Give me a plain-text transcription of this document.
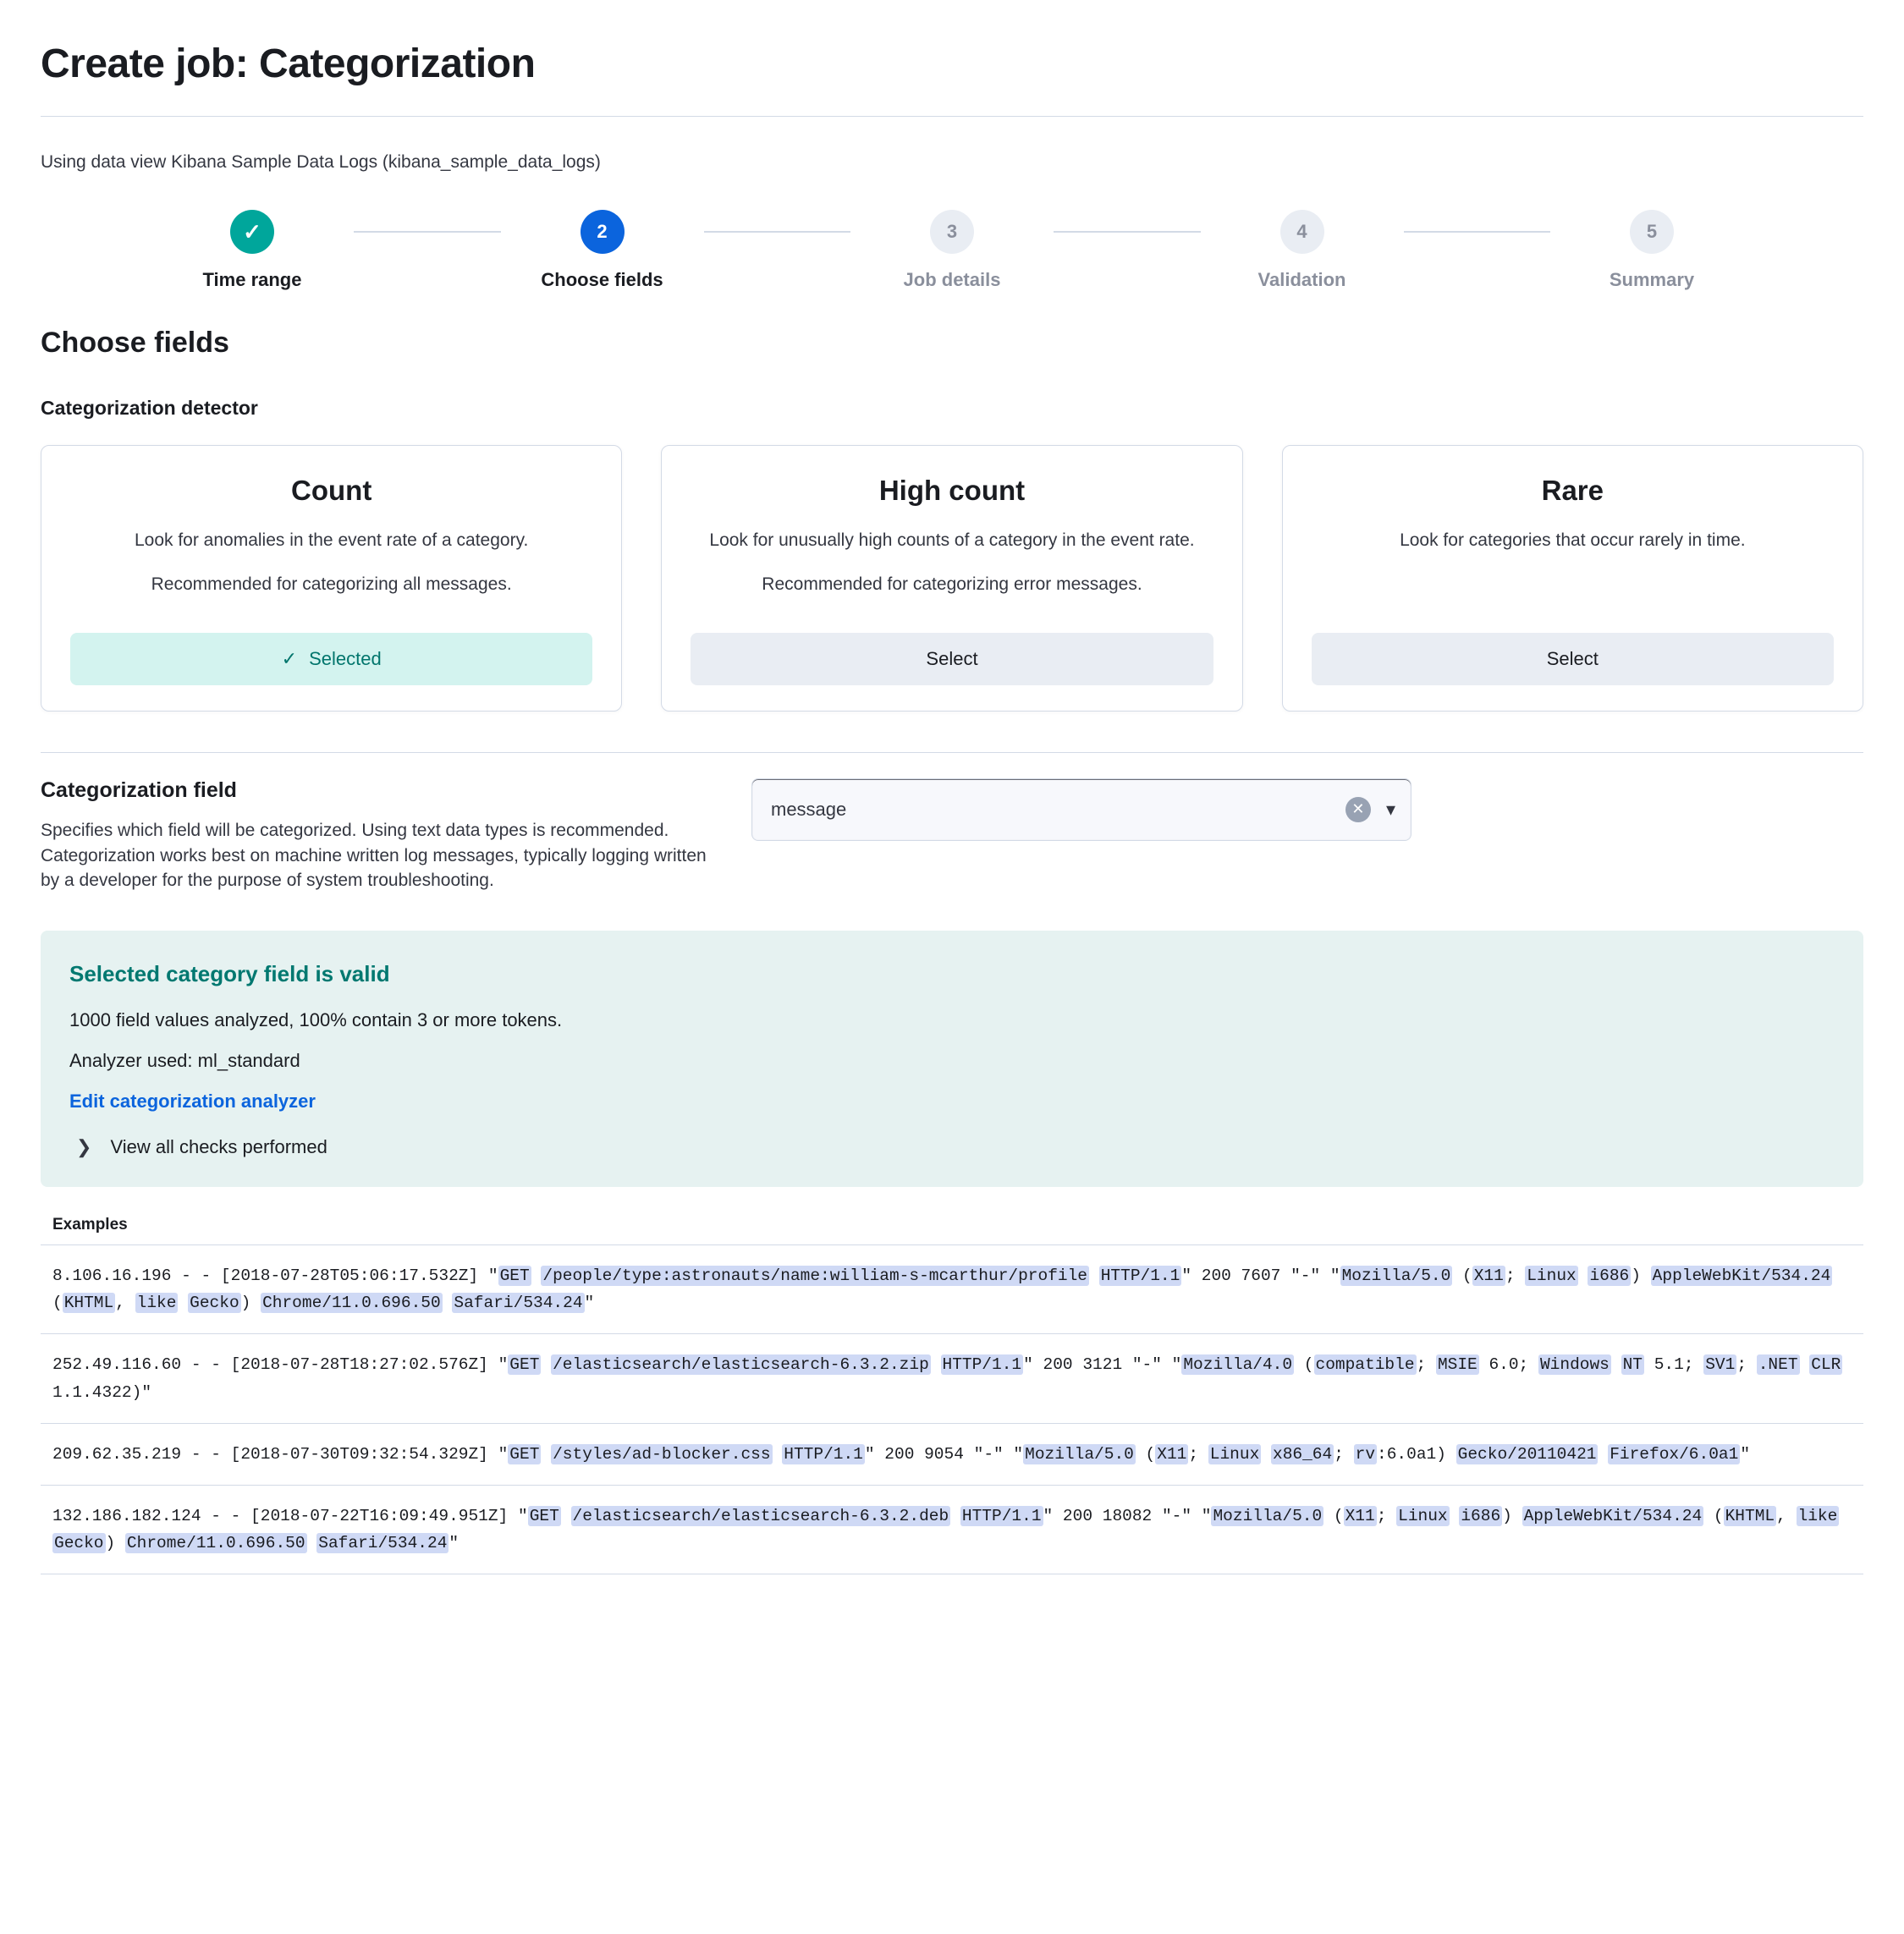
Create job: Categorization
Using data view Kibana Sample Data Logs (kibana_sample_data_logs)
✓
Time range
2
Choose fields
3
Job details
4
Validation
5
Summary
Choose fields
Categorization detector
Count
Look for anomalies in the event rate of a category.
Recommended for categorizing all messages.
✓ Selected
High count
Look for unusually high counts of a category in the event rate.
Recommended for categorizing error messages.
Select
Rare
Look for categories that occur rarely in time.
Select
Categorization field
Specifies which field will be categorized. Using text data types is recommended. Categorization works best on machine written log messages, typically logging written by a developer for the purpose of system troubleshooting.
message	✕	▾
Selected category field is valid
1000 field values analyzed, 100% contain 3 or more tokens.
Analyzer used: ml_standard
Edit categorization analyzer
❯ View all checks performed
Examples
8.106.16.196 - - [2018-07-28T05:06:17.532Z] " GET /people/type:astronauts/name:william-s-mcarthur/profile HTTP/1.1 " 200 7607 "-" " Mozilla/5.0 ( X11 ; Linux i686 ) AppleWebKit/534.24 ( KHTML , like Gecko ) Chrome/11.0.696.50 Safari/534.24 "
252.49.116.60 - - [2018-07-28T18:27:02.576Z] " GET /elasticsearch/elasticsearch-6.3.2.zip HTTP/1.1 " 200 3121 "-" " Mozilla/4.0 ( compatible ; MSIE 6.0; Windows NT 5.1; SV1 ; .NET CLR 1.1.4322)"
209.62.35.219 - - [2018-07-30T09:32:54.329Z] " GET /styles/ad-blocker.css HTTP/1.1 " 200 9054 "-" " Mozilla/5.0 ( X11 ; Linux x86_64 ; rv :6.0a1) Gecko/20110421 Firefox/6.0a1 "
132.186.182.124 - - [2018-07-22T16:09:49.951Z] " GET /elasticsearch/elasticsearch-6.3.2.deb HTTP/1.1 " 200 18082 "-" " Mozilla/5.0 ( X11 ; Linux i686 ) AppleWebKit/534.24 ( KHTML , like Gecko ) Chrome/11.0.696.50 Safari/534.24 "
